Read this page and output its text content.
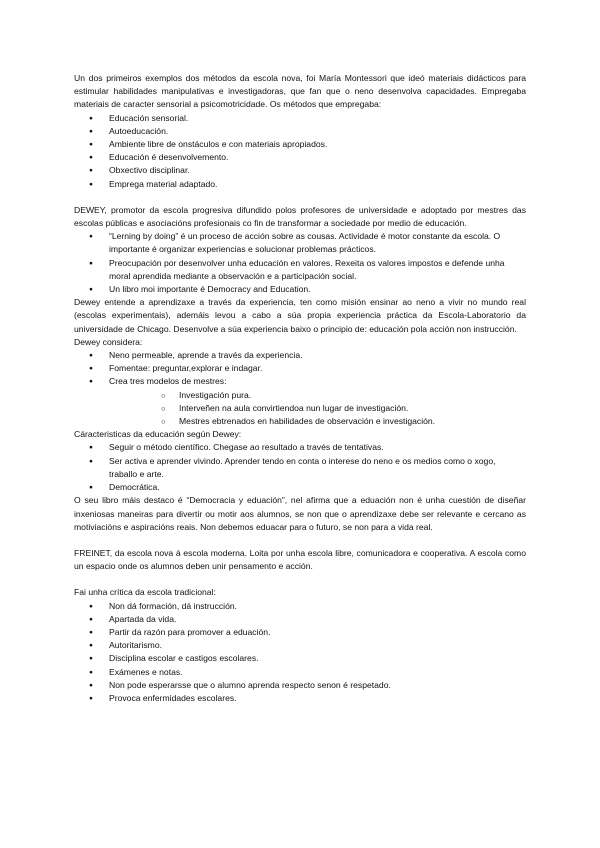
Un dos primeiros exemplos dos métodos da escola nova, foi María Montessori que ideó materiais didácticos para estimular habilidades manipulativas e investigadoras, que fan que o neno desenvolva capacidades. Empregaba materiais de caracter sensorial a psicomotricidade. Os métodos que empregaba:

● Educación sensorial.
● Autoeducación.
● Ambiente libre de onstáculos e con materiais apropiados.
● Educación é desenvolvemento.
● Obxectivo disciplinar.
● Emprega material adaptado.

DEWEY, promotor da escola progresiva difundido polos profesores de universidade e adoptado por mestres das escolas públicas e asociacións profesionais co fin de transformar a sociedade por medio de educación.

● “Lerning by doing” é un proceso de acción sobre as cousas. Actividade é motor constante da escola. O importante é organizar experiencias e solucionar problemas prácticos.
● Preocupación por desenvolver unha educación en valores. Rexeita os valores impostos e defende unha moral aprendida mediante a observación e a participación social.
● Un libro moi importante é Democracy and Education.

Dewey entende a aprendizaxe a través da experiencia, ten como misión ensinar ao neno a vivir no mundo real (escolas experimentais), ademáis levou a cabo a súa propia experiencia práctica da Escola-Laboratorio da universidade de Chicago. Desenvolve a súa experiencia baixo o principio de: educación pola acción non instrucción.

Dewey considera:

● Neno permeable, aprende a través da experiencia.
● Fomentae: preguntar,explorar e indagar.
● Crea tres modelos de mestres:
○ Investigación pura.
○ Interveñen na aula convirtiendoa nun lugar de investigación.
○ Mestres ebtrenados en habilidades de observación e investigación.

Cáracteristicas da educación según Dewey:

● Seguir o método científico. Chegase ao resultado a través de tentativas.
● Ser activa e aprender vivindo. Aprender tendo en conta o interese do neno e os medios como o xogo, traballo e arte.
● Democrática.

O seu libro máis destaco é “Democracia y eduación”, nel afirma que a eduación non é unha cuestión de diseñar inxeniosas maneiras para divertir ou motir aos alumnos, se non que o aprendizaxe debe ser relevante e cercano as motiviacións e aspiracións reais. Non debemos eduacar para o futuro, se non para a vida real.

FREINET, da escola nova á escola moderna. Loita por unha escola libre, comunicadora e cooperativa. A escola como un espacio onde os alumnos deben unir pensamento e acción.

Fai unha crítica da escola tradicional:

● Non dá formación, dá instrucción.
● Apartada da vida.
● Partir da razón para promover a eduación.
● Autoritarismo.
● Disciplina escolar e castigos escolares.
● Exámenes e notas.
● Non pode esperarsse que o alumno aprenda respecto senon é respetado.
● Provoca enfermidades escolares.
